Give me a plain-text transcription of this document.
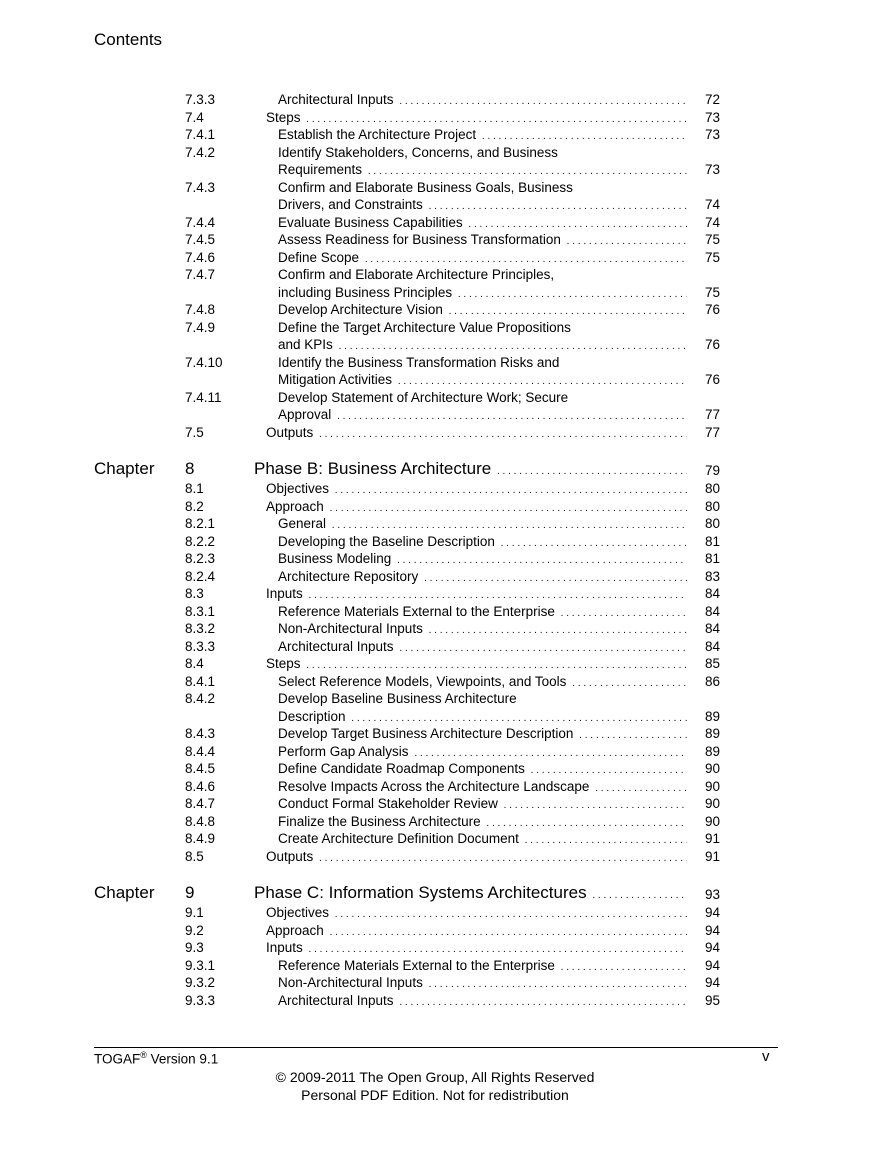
Contents
7.3.3	Architectural Inputs . . .	72
7.4	Steps . . .	73
7.4.1	Establish the Architecture Project . . .	73
7.4.2	Identify Stakeholders, Concerns, and Business
Requirements . . .	73
7.4.3	Confirm and Elaborate Business Goals, Business
Drivers, and Constraints . . .	74
7.4.4	Evaluate Business Capabilities . . .	74
7.4.5	Assess Readiness for Business Transformation . . .	75
7.4.6	Define Scope . . .	75
7.4.7	Confirm and Elaborate Architecture Principles,
including Business Principles . . .	75
7.4.8	Develop Architecture Vision . . .	76
7.4.9	Define the Target Architecture Value Propositions
and KPIs . . .	76
7.4.10	Identify the Business Transformation Risks and
Mitigation Activities . . .	76
7.4.11	Develop Statement of Architecture Work; Secure
Approval . . .	77
7.5	Outputs . . .	77
Chapter 8	Phase B: Business Architecture . . .	79
8.1	Objectives . . .	80
8.2	Approach . . .	80
8.2.1	General . . .	80
8.2.2	Developing the Baseline Description . . .	81
8.2.3	Business Modeling . . .	81
8.2.4	Architecture Repository . . .	83
8.3	Inputs . . .	84
8.3.1	Reference Materials External to the Enterprise . . .	84
8.3.2	Non-Architectural Inputs . . .	84
8.3.3	Architectural Inputs . . .	84
8.4	Steps . . .	85
8.4.1	Select Reference Models, Viewpoints, and Tools . . .	86
8.4.2	Develop Baseline Business Architecture
Description . . .	89
8.4.3	Develop Target Business Architecture Description . . .	89
8.4.4	Perform Gap Analysis . . .	89
8.4.5	Define Candidate Roadmap Components . . .	90
8.4.6	Resolve Impacts Across the Architecture Landscape . . .	90
8.4.7	Conduct Formal Stakeholder Review . . .	90
8.4.8	Finalize the Business Architecture . . .	90
8.4.9	Create Architecture Definition Document . . .	91
8.5	Outputs . . .	91
Chapter 9	Phase C: Information Systems Architectures . . .	93
9.1	Objectives . . .	94
9.2	Approach . . .	94
9.3	Inputs . . .	94
9.3.1	Reference Materials External to the Enterprise . . .	94
9.3.2	Non-Architectural Inputs . . .	94
9.3.3	Architectural Inputs . . .	95
TOGAF® Version 9.1	v
© 2009-2011 The Open Group, All Rights Reserved
Personal PDF Edition. Not for redistribution
